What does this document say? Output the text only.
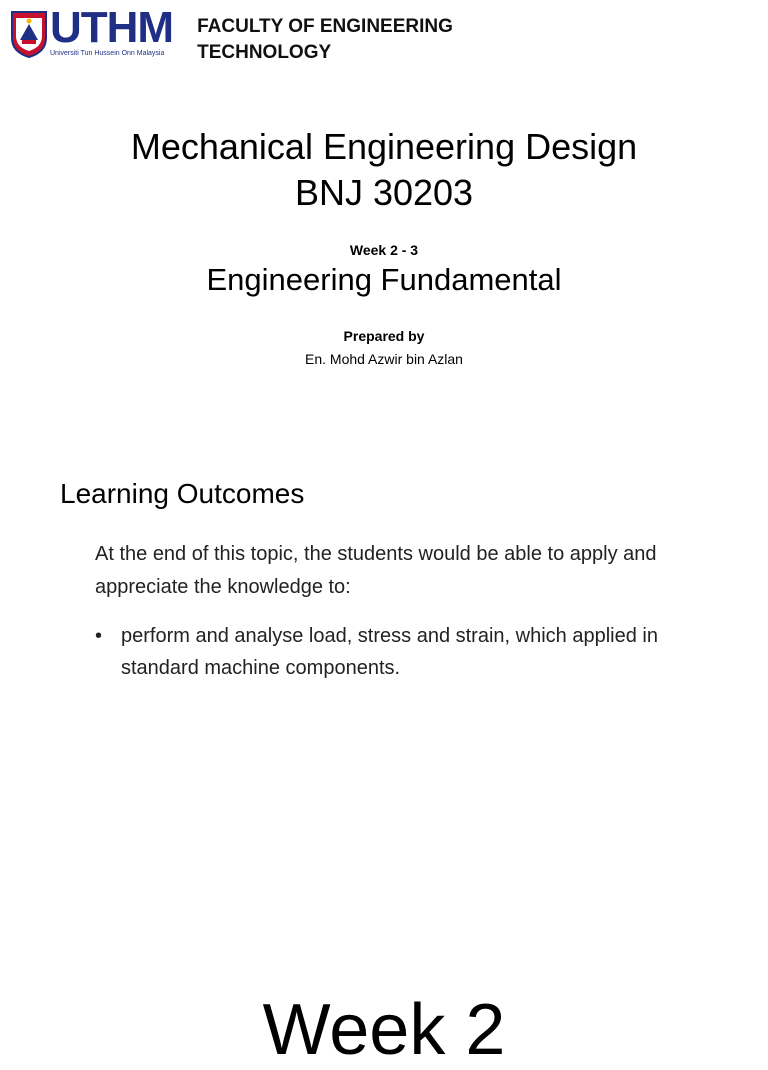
UTHM
Universiti Tun Hussein Onn Malaysia
FACULTY OF ENGINEERING
TECHNOLOGY
Mechanical Engineering Design
BNJ 30203
Week 2 - 3
Engineering Fundamental
Prepared by
En. Mohd Azwir bin Azlan
Learning Outcomes
At the end of this topic, the students would be able to apply and appreciate the knowledge to:
• perform and analyse load, stress and strain, which applied in standard machine components.
Week 2
